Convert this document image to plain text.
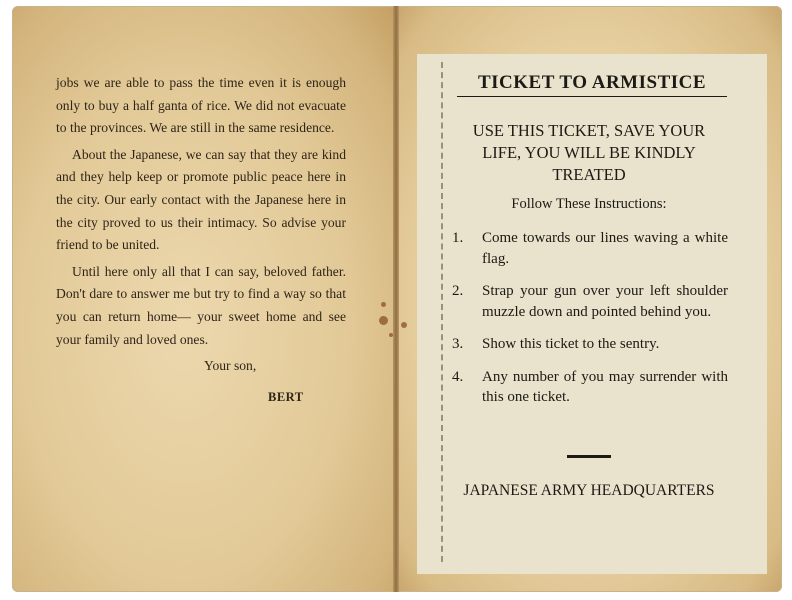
jobs we are able to pass the time even it is enough only to buy a half ganta of rice. We did not evacuate to the provinces. We are still in the same residence.

About the Japanese, we can say that they are kind and they help keep or promote public peace here in the city. Our early contact with the Japanese here in the city proved to us their intimacy. So advise your friend to be united.

Until here only all that I can say, beloved father. Don't dare to answer me but try to find a way so that you can return home— your sweet home and see your family and loved ones.

Your son,
BERT
TICKET TO ARMISTICE
USE THIS TICKET, SAVE YOUR LIFE, YOU WILL BE KINDLY TREATED
Follow These Instructions:
1.	Come towards our lines waving a white flag.
2.	Strap your gun over your left shoulder muzzle down and pointed behind you.
3.	Show this ticket to the sentry.
4.	Any number of you may surrender with this one ticket.
JAPANESE ARMY HEADQUARTERS
